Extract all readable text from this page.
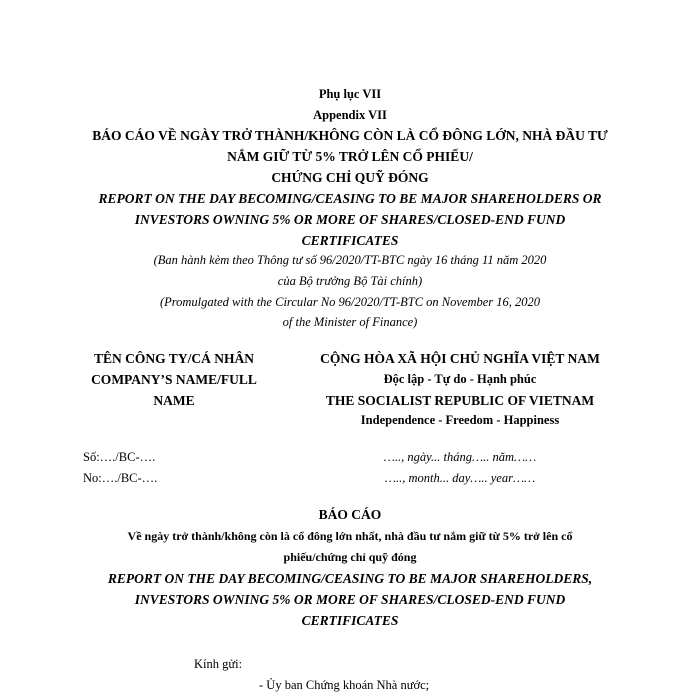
Phụ lục VII
Appendix VII
BÁO CÁO VỀ NGÀY TRỞ THÀNH/KHÔNG CÒN LÀ CỔ ĐÔNG LỚN, NHÀ ĐẦU TƯ
NẮM GIỮ TỪ 5% TRỞ LÊN CỔ PHIẾU/
CHỨNG CHỈ QUỸ ĐÓNG
REPORT ON THE DAY BECOMING/CEASING TO BE MAJOR SHAREHOLDERS OR
INVESTORS OWNING 5% OR MORE OF SHARES/CLOSED-END FUND
CERTIFICATES
(Ban hành kèm theo Thông tư số 96/2020/TT-BTC ngày 16 tháng 11 năm 2020
của Bộ trưởng Bộ Tài chính)
(Promulgated with the Circular No 96/2020/TT-BTC on November 16, 2020
of the Minister of Finance)
TÊN CÔNG TY/CÁ NHÂN
COMPANY’S NAME/FULL
NAME
CỘNG HÒA XÃ HỘI CHỦ NGHĨA VIỆT NAM
Độc lập - Tự do - Hạnh phúc
THE SOCIALIST REPUBLIC OF VIETNAM
Independence - Freedom - Happiness
Số:…./BC-….
No:…./BC-….
….., ngày... tháng….. năm……
….., month... day….. year……
BÁO CÁO
Về ngày trở thành/không còn là cổ đông lớn nhất, nhà đầu tư nắm giữ từ 5% trở lên cổ
phiếu/chứng chỉ quỹ đóng
REPORT ON THE DAY BECOMING/CEASING TO BE MAJOR SHAREHOLDERS,
INVESTORS OWNING 5% OR MORE OF SHARES/CLOSED-END FUND
CERTIFICATES
Kính gửi:
- Ủy ban Chứng khoán Nhà nước;
